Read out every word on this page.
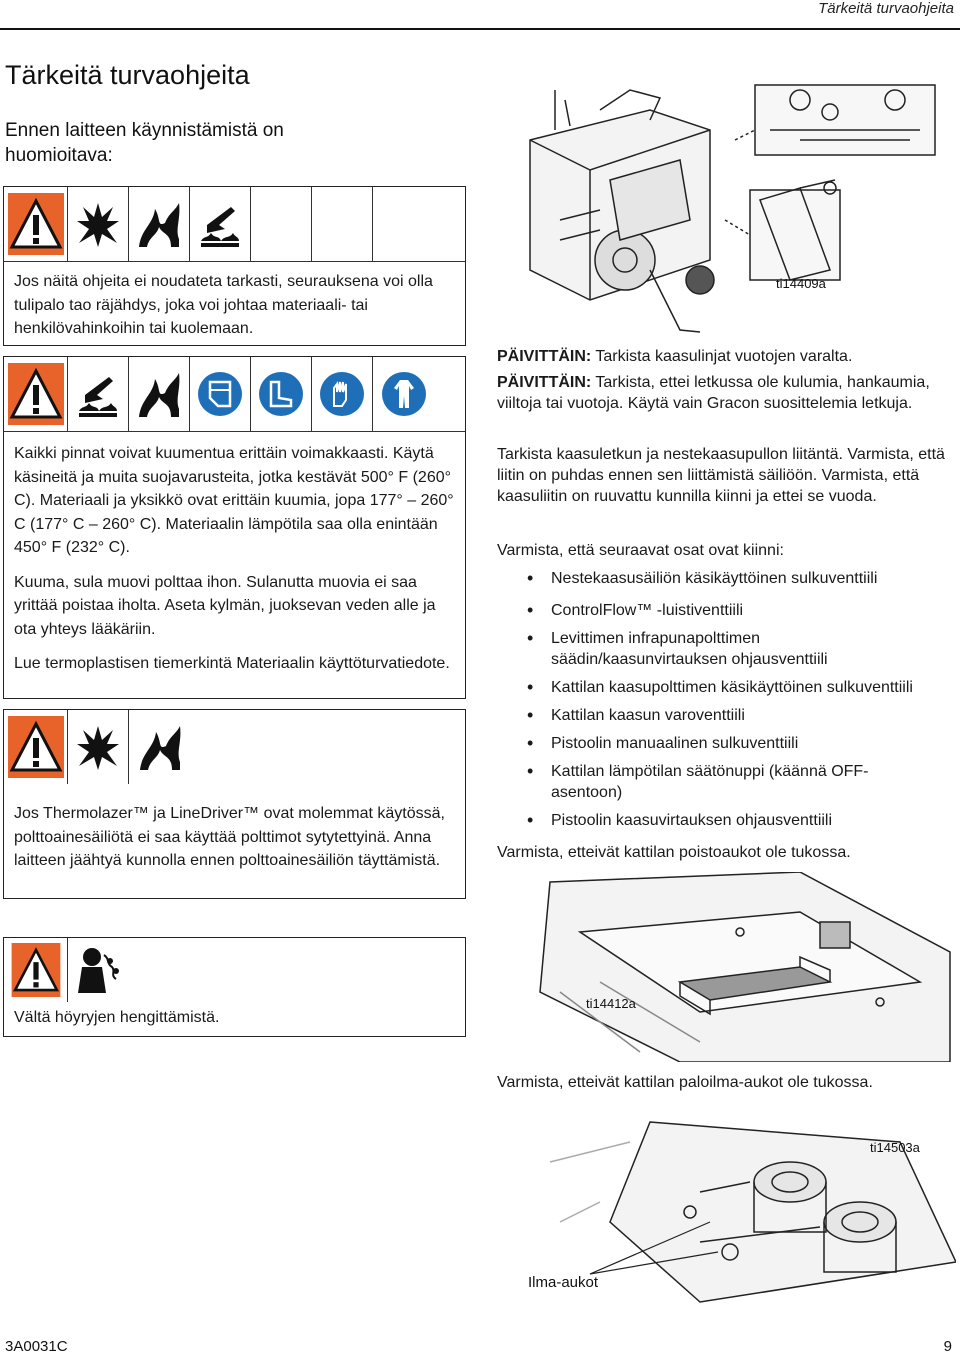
Tärkeitä turvaohjeita
Tärkeitä turvaohjeita
Ennen laitteen käynnistämistä on huomioitava:

Jos näitä ohjeita ei noudateta tarkasti, seurauksena voi olla tulipalo tao räjähdys, joka voi johtaa materiaali- tai henkilövahinkoihin tai kuolemaan.

Kaikki pinnat voivat kuumentua erittäin voimakkaasti. Käytä käsineitä ja muita suojavarusteita, jotka kestävät 500° F (260° C). Materiaali ja yksikkö ovat erittäin kuumia, jopa 177° – 260° C (177° C – 260° C). Materiaalin lämpötila saa olla enintään 450° F (232° C).

Kuuma, sula muovi polttaa ihon. Sulanutta muovia ei saa yrittää poistaa iholta. Aseta kylmän, juoksevan veden alle ja ota yhteys lääkäriin.

Lue termoplastisen tiemerkintä Materiaalin käyttöturvatiedote.

Jos Thermolazer™ ja LineDriver™ ovat molemmat käytössä, polttoainesäiliötä ei saa käyttää polttimot sytytettyinä. Anna laitteen jäähtyä kunnolla ennen polttoainesäiliön täyttämistä.

Vältä höyryjen hengittämistä.

ti14409a

PÄIVITTÄIN: Tarkista kaasulinjat vuotojen varalta.

PÄIVITTÄIN: Tarkista, ettei letkussa ole kulumia, hankaumia, viiltoja tai vuotoja. Käytä vain Gracon suosittelemia letkuja.

Tarkista kaasuletkun ja nestekaasupullon liitäntä. Varmista, että liitin on puhdas ennen sen liittämistä säiliöön. Varmista, että kaasuliitin on ruuvattu kunnilla kiinni ja ettei se vuoda.

Varmista, että seuraavat osat ovat kiinni:

• Nestekaasusäiliön käsikäyttöinen sulkuventtiili
• ControlFlow™ -luistiventtiili
• Levittimen infrapunapolttimen säädin/kaasunvirtauksen ohjausventtiili
• Kattilan kaasupolttimen käsikäyttöinen sulkuventtiili
• Kattilan kaasun varoventtiili
• Pistoolin manuaalinen sulkuventtiili
• Kattilan lämpötilan säätönuppi (käännä OFF-asentoon)
• Pistoolin kaasuvirtauksen ohjausventtiili

Varmista, etteivät kattilan poistoaukot ole tukossa.

ti14412a

Varmista, etteivät kattilan paloilma-aukot ole tukossa.

ti14503a
Ilma-aukot
3A0031C	9
